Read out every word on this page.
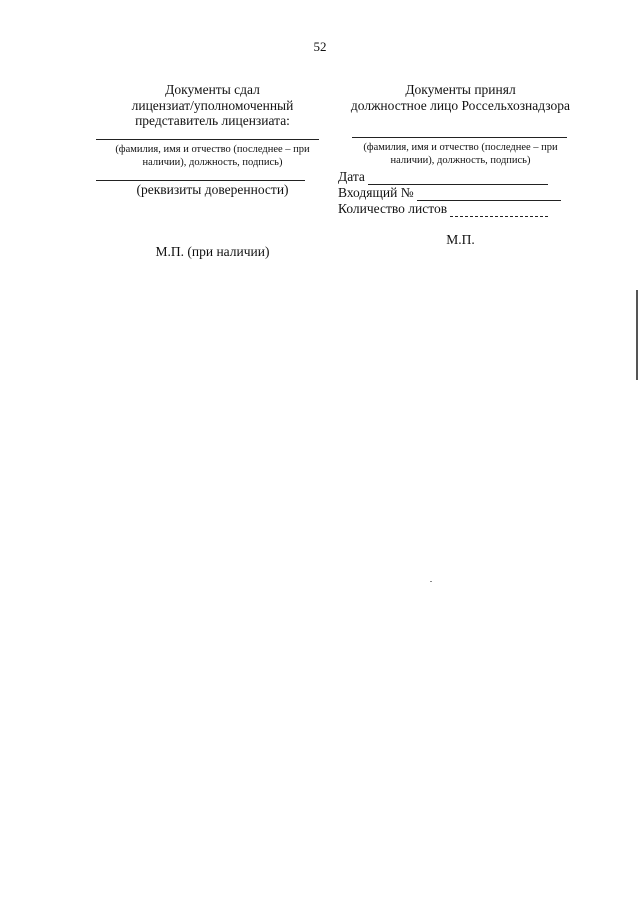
52
Документы сдал
лицензиат/уполномоченный
представитель лицензиата:
(фамилия, имя и отчество (последнее – при
наличии), должность, подпись)
(реквизиты доверенности)
М.П. (при наличии)
Документы принял
должностное лицо Россельхознадзора
(фамилия, имя и отчество (последнее – при
наличии), должность, подпись)
Дата
Входящий №
Количество листов
М.П.
